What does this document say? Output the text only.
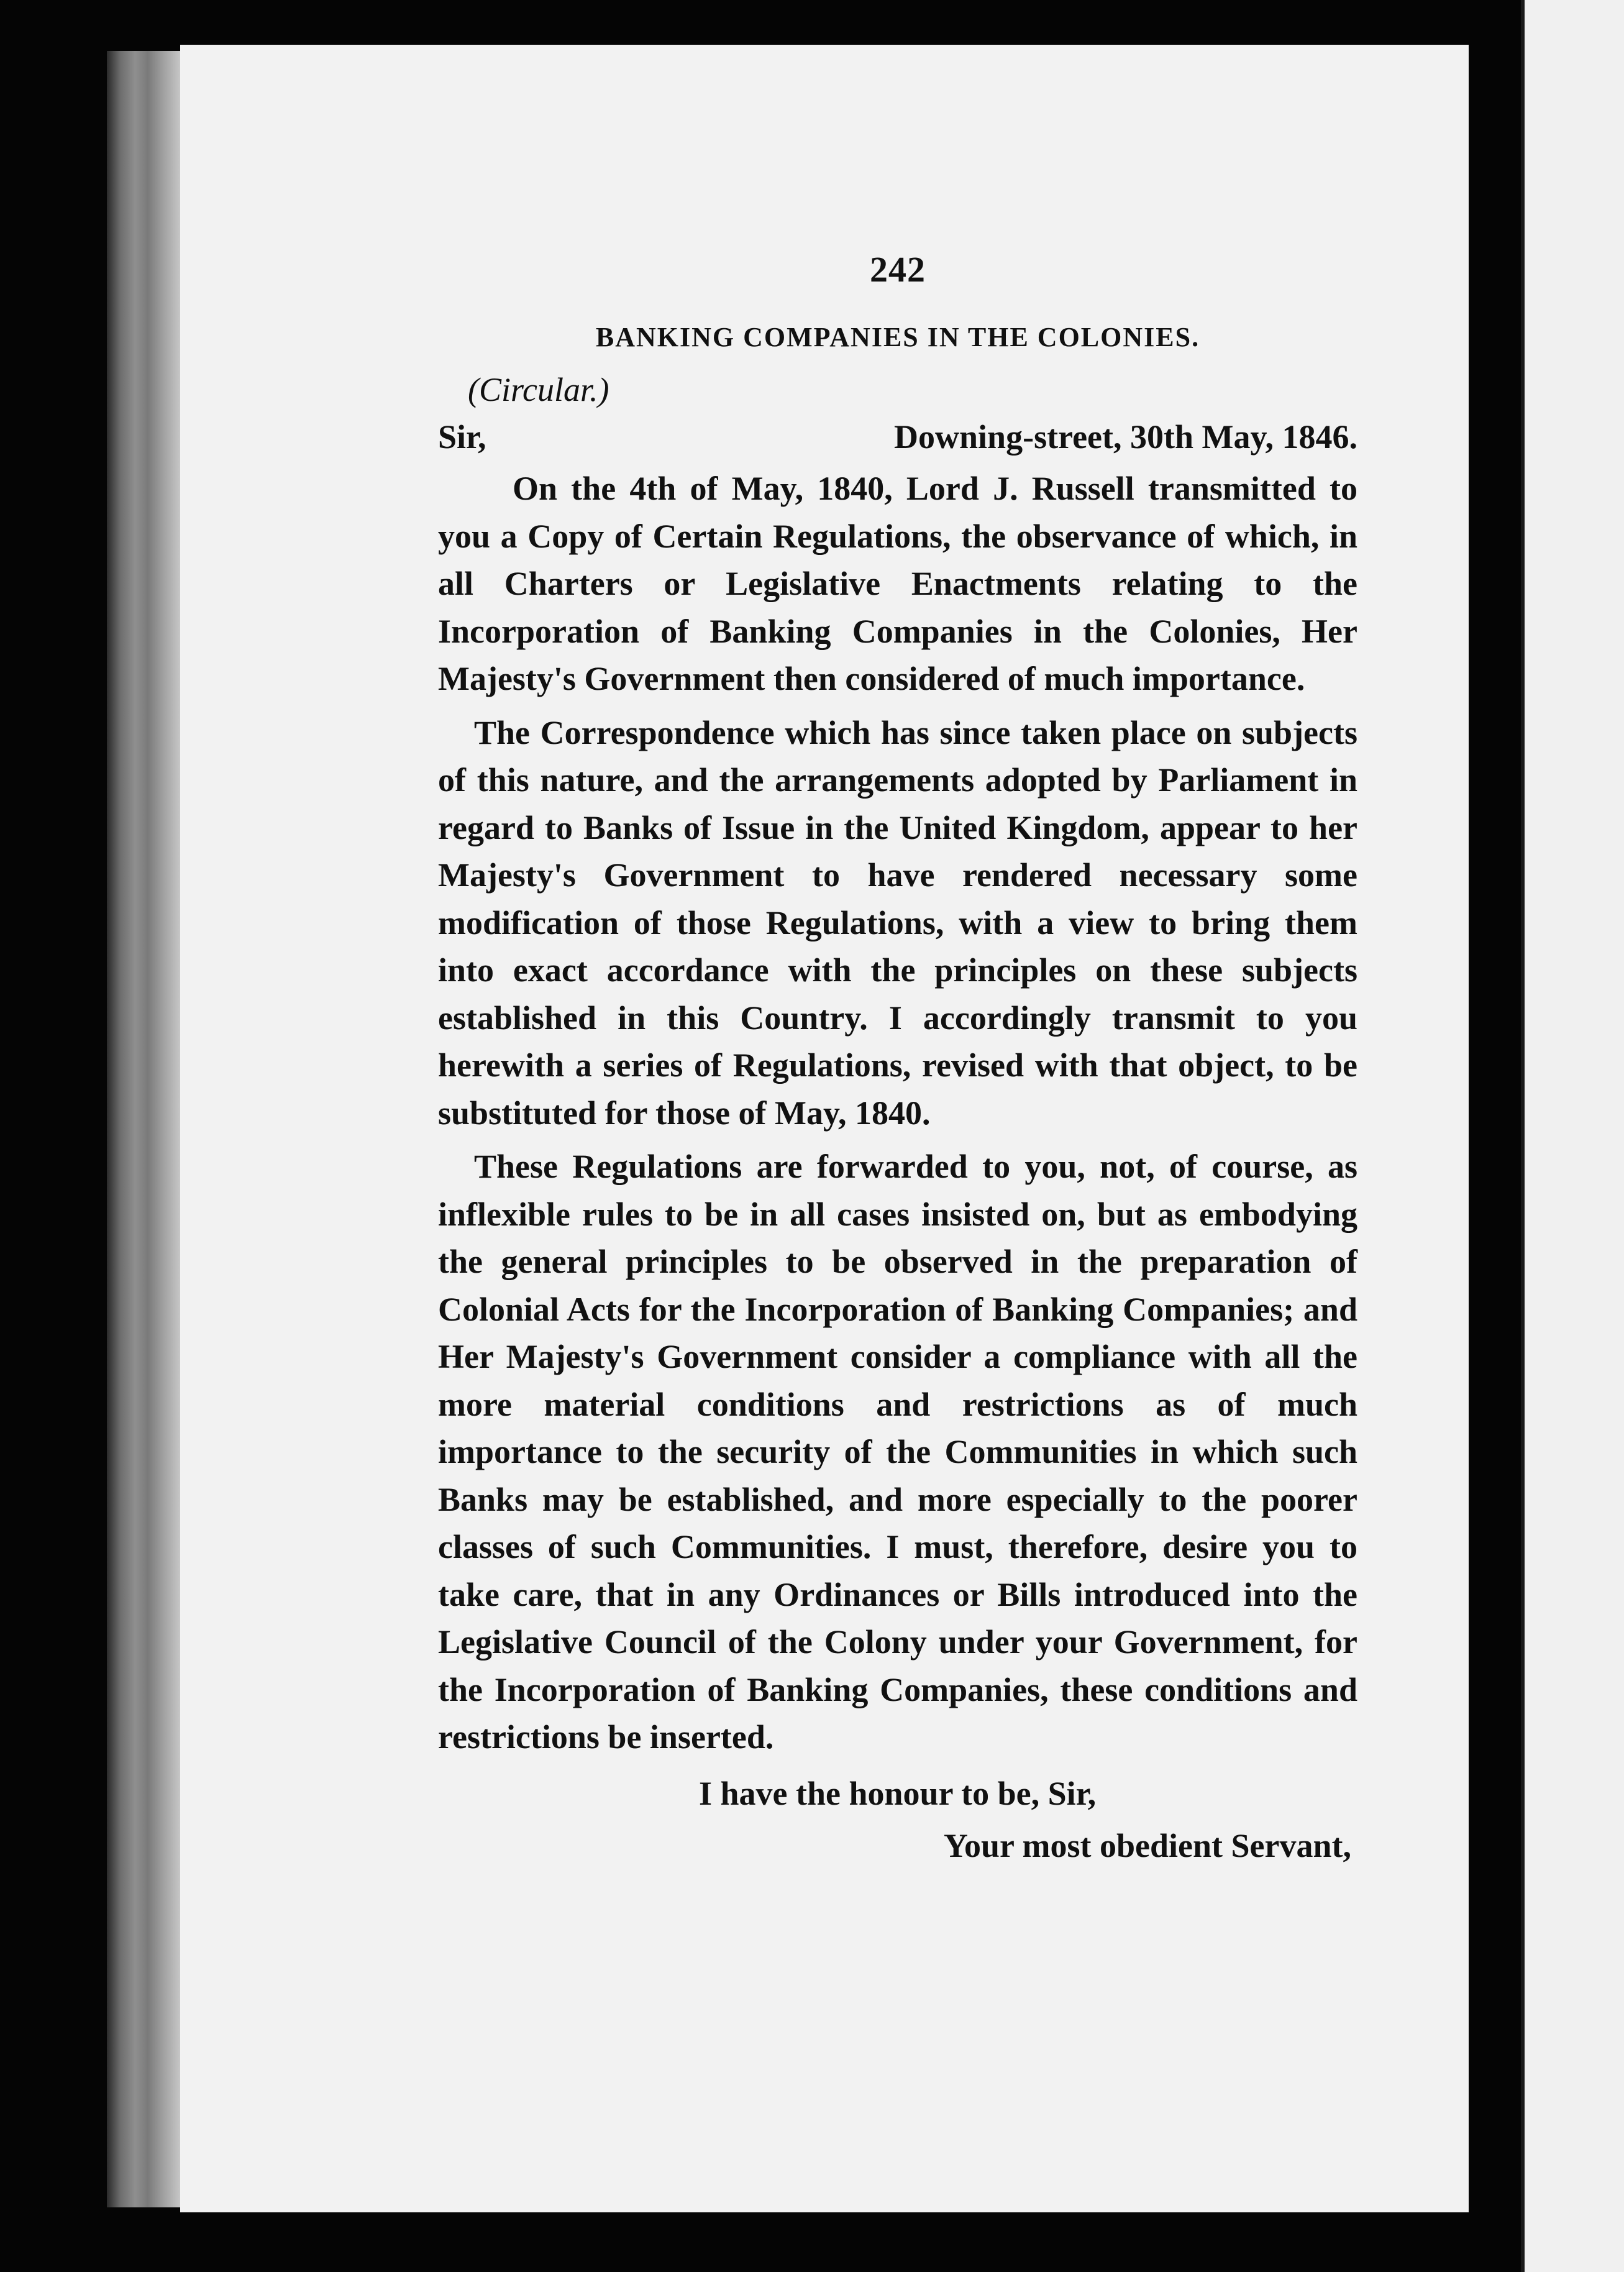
242
BANKING COMPANIES IN THE COLONIES.
(Circular.)
Sir,	Downing-street, 30th May, 1846.

On the 4th of May, 1840, Lord J. Russell transmitted to you a Copy of Certain Regulations, the observance of which, in all Charters or Legislative Enactments relating to the Incorporation of Banking Companies in the Colonies, Her Majesty's Government then considered of much importance.

The Correspondence which has since taken place on subjects of this nature, and the arrangements adopted by Parliament in regard to Banks of Issue in the United Kingdom, appear to her Majesty's Government to have rendered necessary some modification of those Regulations, with a view to bring them into exact accordance with the principles on these subjects established in this Country. I accordingly transmit to you herewith a series of Regulations, revised with that object, to be substituted for those of May, 1840.

These Regulations are forwarded to you, not, of course, as inflexible rules to be in all cases insisted on, but as embodying the general principles to be observed in the preparation of Colonial Acts for the Incorporation of Banking Companies; and Her Majesty's Government consider a compliance with all the more material conditions and restrictions as of much importance to the security of the Communities in which such Banks may be established, and more especially to the poorer classes of such Communities. I must, therefore, desire you to take care, that in any Ordinances or Bills introduced into the Legislative Council of the Colony under your Government, for the Incorporation of Banking Companies, these conditions and restrictions be inserted.

I have the honour to be, Sir,
Your most obedient Servant,
